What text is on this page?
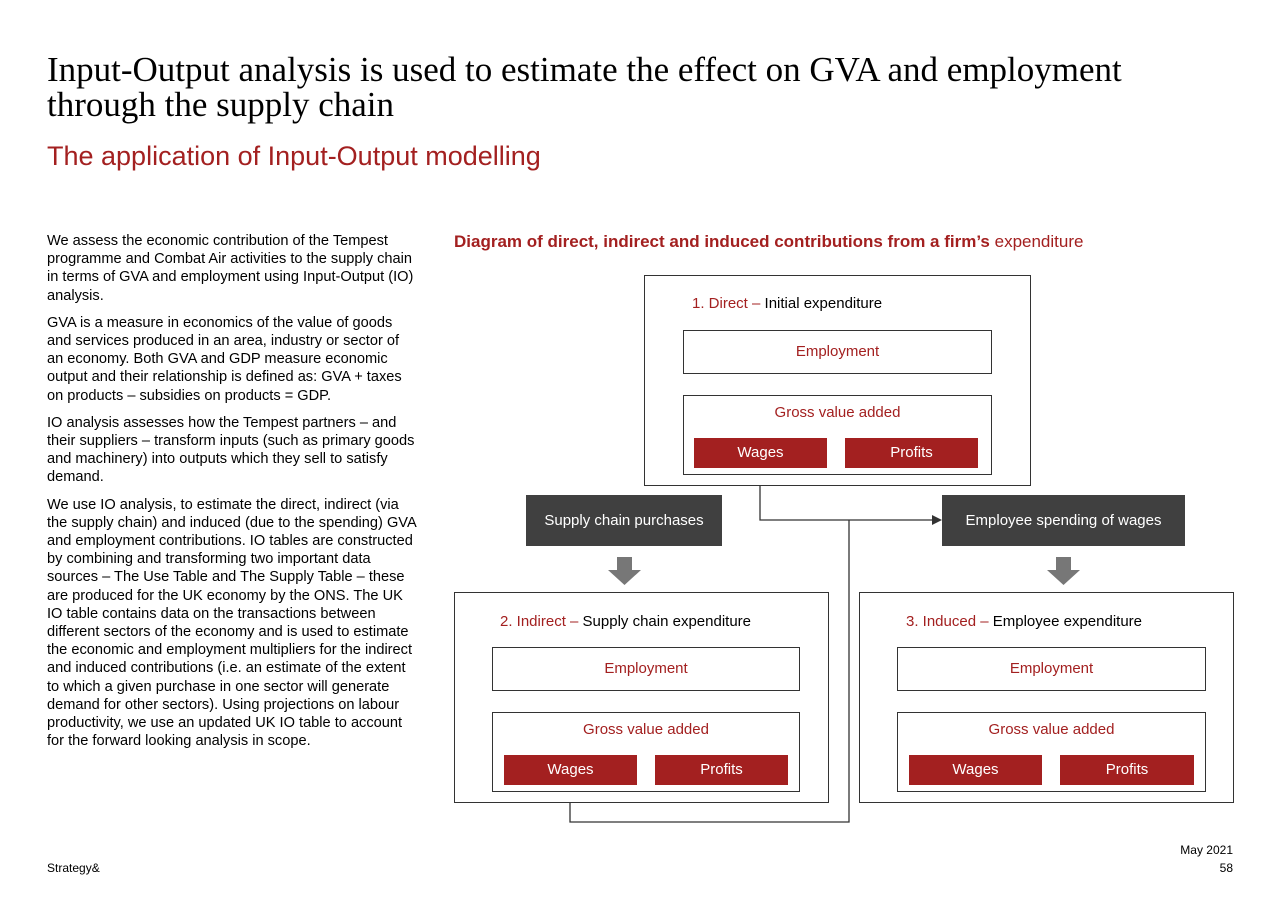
Input-Output analysis is used to estimate the effect on GVA and employment through the supply chain
The application of Input-Output modelling

We assess the economic contribution of the Tempest programme and Combat Air activities to the supply chain in terms of GVA and employment using Input-Output (IO) analysis.

GVA is a measure in economics of the value of goods and services produced in an area, industry or sector of an economy. Both GVA and GDP measure economic output and their relationship is defined as: GVA + taxes on products – subsidies on products = GDP.

IO analysis assesses how the Tempest partners – and their suppliers – transform inputs (such as primary goods and machinery) into outputs which they sell to satisfy demand.

We use IO analysis, to estimate the direct, indirect (via the supply chain) and induced (due to the spending) GVA and employment contributions. IO tables are constructed by combining and transforming two important data sources – The Use Table and The Supply Table – these are produced for the UK economy by the ONS. The UK IO table contains data on the transactions between different sectors of the economy and is used to estimate the economic and employment multipliers for the indirect and induced contributions (i.e. an estimate of the extent to which a given purchase in one sector will generate demand for other sectors). Using projections on labour productivity, we use an updated UK IO table to account for the forward looking analysis in scope.

Diagram of direct, indirect and induced contributions from a firm’s expenditure
1. Direct – Initial expenditure
Employment
Gross value added
Wages	Profits
Supply chain purchases	Employee spending of wages
2. Indirect – Supply chain expenditure
Employment
Gross value added
Wages	Profits
3. Induced – Employee expenditure
Employment
Gross value added
Wages	Profits
Strategy&
May 2021
58
